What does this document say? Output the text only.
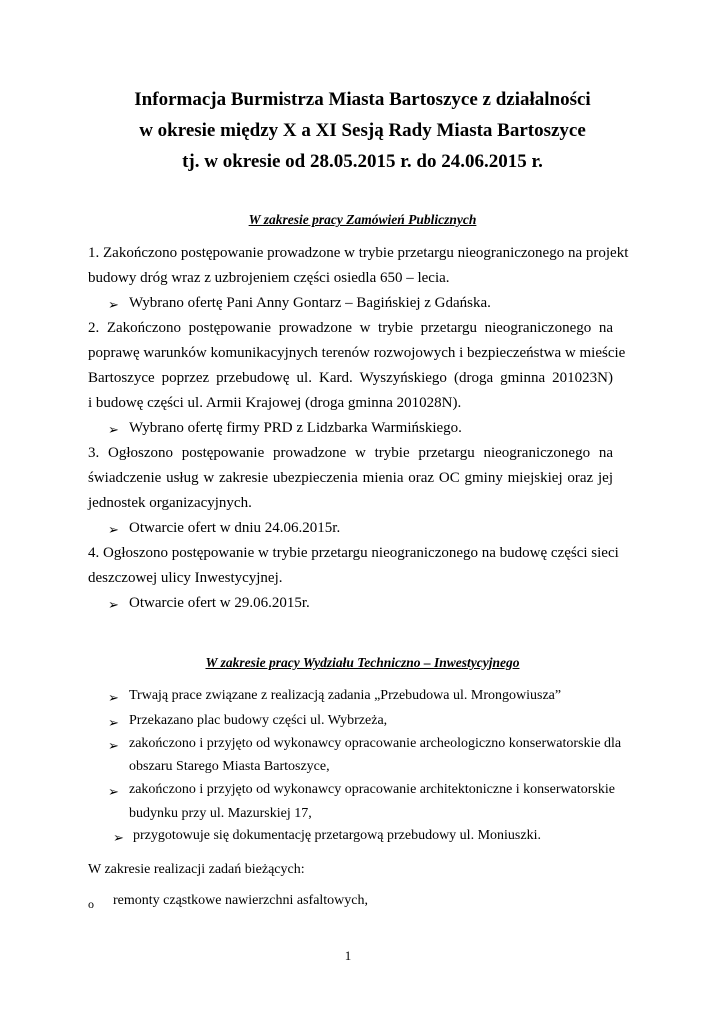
Informacja Burmistrza Miasta Bartoszyce z działalności
w okresie między X a XI Sesją Rady Miasta Bartoszyce
tj. w okresie od 28.05.2015 r. do 24.06.2015 r.
W zakresie pracy Zamówień Publicznych
1. Zakończono postępowanie prowadzone w trybie przetargu nieograniczonego na projekt
budowy dróg wraz z uzbrojeniem części osiedla 650 – lecia.
➢ Wybrano ofertę Pani Anny Gontarz – Bagińskiej z Gdańska.
2. Zakończono postępowanie prowadzone w trybie przetargu nieograniczonego na
poprawę warunków komunikacyjnych terenów rozwojowych i bezpieczeństwa w mieście
Bartoszyce poprzez przebudowę ul. Kard. Wyszyńskiego (droga gminna 201023N)
i budowę części ul. Armii Krajowej (droga gminna 201028N).
➢ Wybrano ofertę firmy PRD z Lidzbarka Warmińskiego.
3. Ogłoszono postępowanie prowadzone w trybie przetargu nieograniczonego na
świadczenie usług w zakresie ubezpieczenia mienia oraz OC gminy miejskiej oraz jej
jednostek organizacyjnych.
➢ Otwarcie ofert w dniu 24.06.2015r.
4. Ogłoszono postępowanie w trybie przetargu nieograniczonego na budowę części sieci
deszczowej ulicy Inwestycyjnej.
➢ Otwarcie ofert w 29.06.2015r.
W zakresie pracy Wydziału Techniczno – Inwestycyjnego
➢ Trwają prace związane z realizacją zadania „Przebudowa ul. Mrongowiusza”
➢ Przekazano plac budowy części ul. Wybrzeża,
➢ zakończono i przyjęto od wykonawcy opracowanie archeologiczno konserwatorskie dla
obszaru Starego Miasta Bartoszyce,
➢ zakończono i przyjęto od wykonawcy opracowanie architektoniczne i konserwatorskie
budynku przy ul. Mazurskiej 17,
➢ przygotowuje się dokumentację przetargową przebudowy ul. Moniuszki.
W zakresie realizacji zadań bieżących:
o remonty cząstkowe nawierzchni asfaltowych,
1
